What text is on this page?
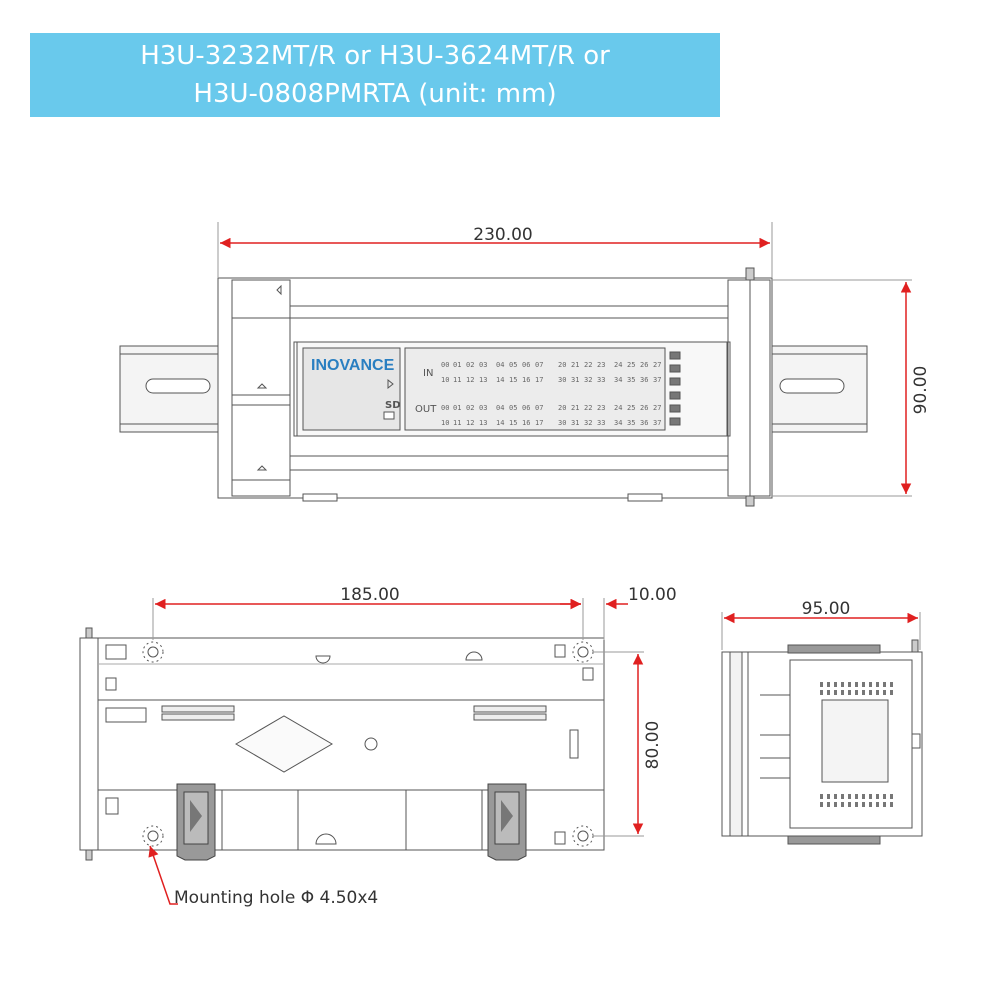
H3U-3232MT/R or H3U-3624MT/R or
H3U-0808PMRTA (unit: mm)
INOVANCE
SD
IN
OUT
00 01 02 03 04 05 06 07 20 21 22 23 24 25 26 27
10 11 12 13 14 15 16 17 30 31 32 33 34 35 36 37
00 01 02 03 04 05 06 07 20 21 22 23 24 25 26 27
10 11 12 13 14 15 16 17 30 31 32 33 34 35 36 37
230.00
90.00
185.00	10.00
80.00
Mounting hole Φ 4.50x4
95.00
